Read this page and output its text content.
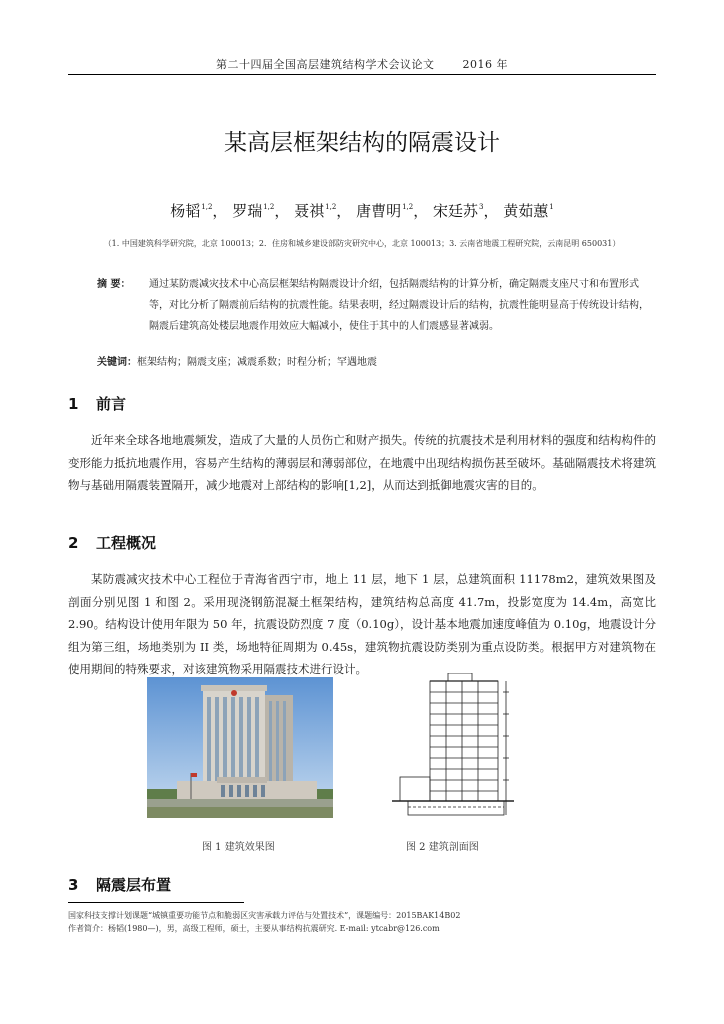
第二十四届全国高层建筑结构学术会议论文	2016 年
某高层框架结构的隔震设计
杨韬$^{1,2}$， 罗瑞$^{1,2}$， 聂祺$^{1,2}$， 唐曹明$^{1,2}$， 宋廷苏$^3$， 黄茹蕙$^1$
（1. 中国建筑科学研究院，北京 100013；2．住房和城乡建设部防灾研究中心，北京 100013；3. 云南省地震工程研究院，云南昆明 650031）
摘 要： 通过某防震减灾技术中心高层框架结构隔震设计介绍，包括隔震结构的计算分析，确定隔震支座尺寸和布置形式等，对比分析了隔震前后结构的抗震性能。结果表明，经过隔震设计后的结构，抗震性能明显高于传统设计结构，隔震后建筑高处楼层地震作用效应大幅减小，使住于其中的人们震感显著减弱。
关键词：框架结构；隔震支座；减震系数；时程分析；罕遇地震
1 前言
近年来全球各地地震频发，造成了大量的人员伤亡和财产损失。传统的抗震技术是利用材料的强度和结构构件的变形能力抵抗地震作用，容易产生结构的薄弱层和薄弱部位，在地震中出现结构损伤甚至破坏。基础隔震技术将建筑物与基础用隔震装置隔开，减少地震对上部结构的影响[1,2]，从而达到抵御地震灾害的目的。
2 工程概况
某防震减灾技术中心工程位于青海省西宁市，地上 11 层，地下 1 层，总建筑面积 11178m2，建筑效果图及剖面分别见图 1 和图 2。采用现浇钢筋混凝土框架结构，建筑结构总高度 41.7m，投影宽度为 14.4m，高宽比 2.90。结构设计使用年限为 50 年，抗震设防烈度 7 度（0.10g），设计基本地震加速度峰值为 0.10g，地震设计分组为第三组，场地类别为 II 类，场地特征周期为 0.45s，建筑物抗震设防类别为重点设防类。根据甲方对建筑物在使用期间的特殊要求，对该建筑物采用隔震技术进行设计。
图 1 建筑效果图	图 2 建筑剖面图
3 隔震层布置
国家科技支撑计划课题“城镇重要功能节点和脆弱区灾害承载力评估与处置技术”，课题编号：2015BAK14B02
作者简介：杨韬(1980—)，男，高级工程师，硕士，主要从事结构抗震研究. E-mail: ytcabr@126.com
